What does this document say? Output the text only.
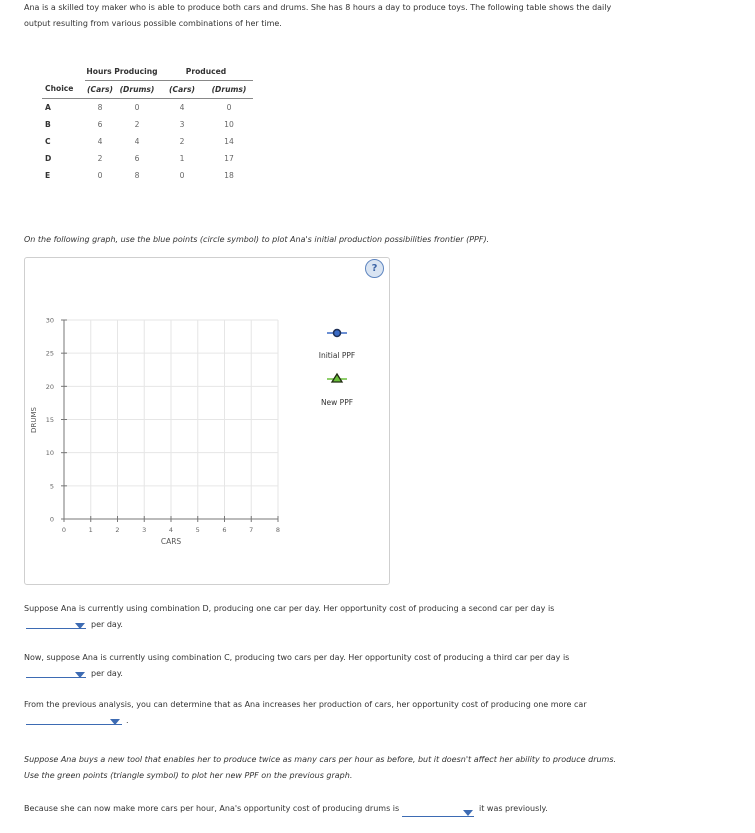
Ana is a skilled toy maker who is able to produce both cars and drums. She has 8 hours a day to produce toys. The following table shows the daily
output resulting from various possible combinations of her time.
	Hours Producing		Produced	
Choice	(Cars)	(Drums)	(Cars)	(Drums)
A	8	0	4	0
B	6	2	3	10
C	4	4	2	14
D	2	6	1	17
E	0	8	0	18
On the following graph, use the blue points (circle symbol) to plot Ana's initial production possibilities frontier (PPF).
?
0	1	2	3	4	5	6	7	8
0
5
10
15
20
25
30
CARS
DRUMS
Initial PPF
New PPF
Suppose Ana is currently using combination D, producing one car per day. Her opportunity cost of producing a second car per day is
per day.
Now, suppose Ana is currently using combination C, producing two cars per day. Her opportunity cost of producing a third car per day is
per day.
From the previous analysis, you can determine that as Ana increases her production of cars, her opportunity cost of producing one more car
.
Suppose Ana buys a new tool that enables her to produce twice as many cars per hour as before, but it doesn't affect her ability to produce drums.
Use the green points (triangle symbol) to plot her new PPF on the previous graph.
Because she can now make more cars per hour, Ana's opportunity cost of producing drums is	it was previously.
